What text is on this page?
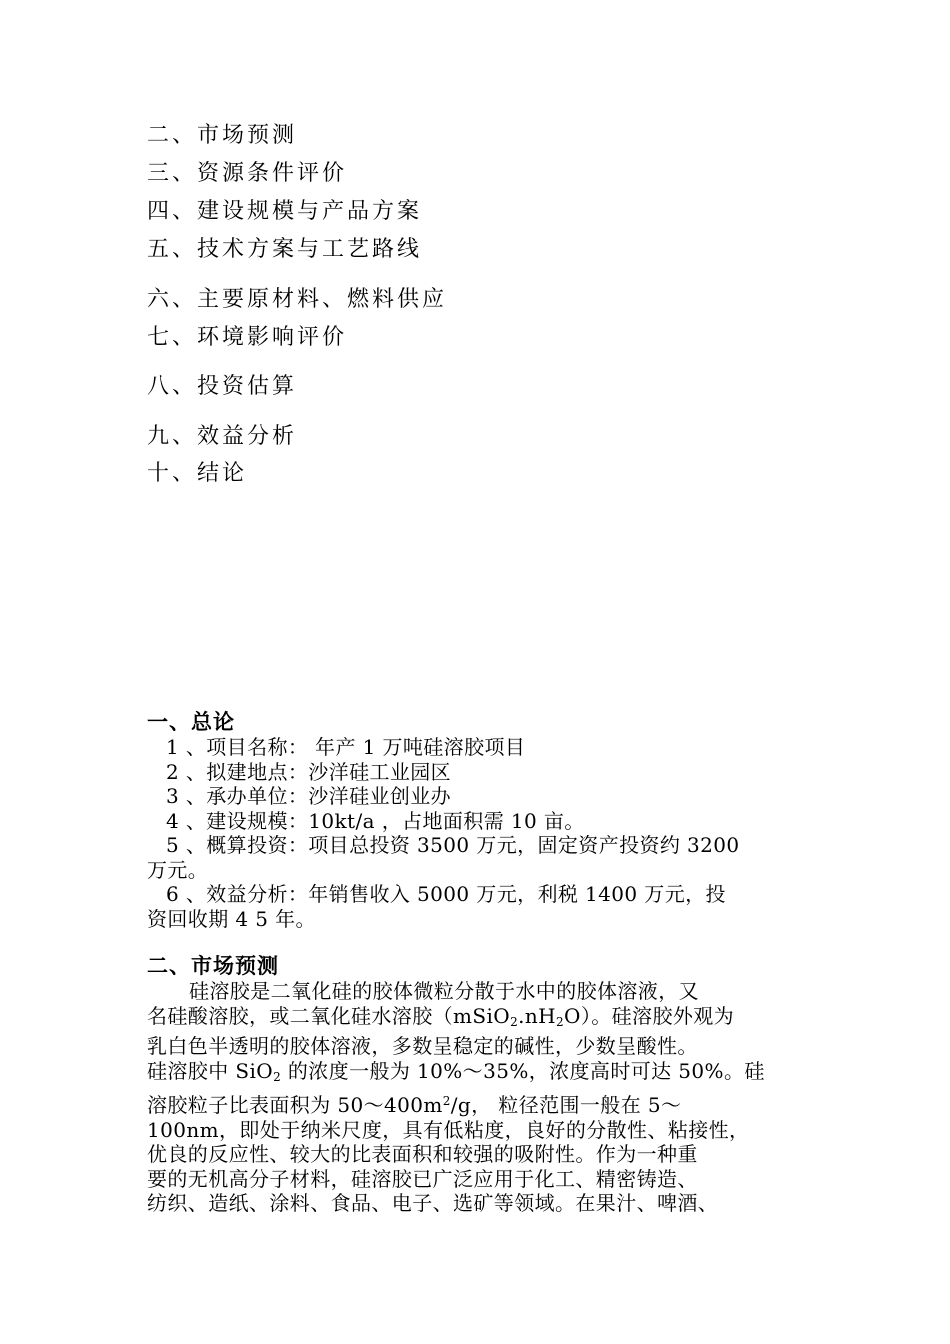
二、市场预测
三、资源条件评价
四、建设规模与产品方案
五、技术方案与工艺路线
六、主要原材料、燃料供应
七、环境影响评价
八、投资估算
九、效益分析
十、结论
一、总论
1 、项目名称： 年产 1 万吨硅溶胶项目
2 、拟建地点：沙洋硅工业园区
3 、承办单位：沙洋硅业创业办
4 、建设规模：10kt/a ，占地面积需 10 亩。
5 、概算投资：项目总投资 3500 万元，固定资产投资约 3200
万元。
6 、效益分析：年销售收入 5000 万元，利税 1400 万元，投
资回收期 4 5 年。
二、市场预测
硅溶胶是二氧化硅的胶体微粒分散于水中的胶体溶液，又
名硅酸溶胶，或二氧化硅水溶胶$(mSiO_2.nH_2O)$。硅溶胶外观为
乳白色半透明的胶体溶液，多数呈稳定的碱性，少数呈酸性。
硅溶胶中 SiO$_2$ 的浓度一般为 10%～35%，浓度高时可达 50%。硅
溶胶粒子比表面积为 $50\sim 400m^2/g$， 粒径范围一般在 5～
100nm，即处于纳米尺度，具有低粘度，良好的分散性、粘接性，
优良的反应性、较大的比表面积和较强的吸附性。作为一种重
要的无机高分子材料，硅溶胶已广泛应用于化工、精密铸造、
纺织、造纸、涂料、食品、电子、选矿等领域。在果汁、啤酒、
